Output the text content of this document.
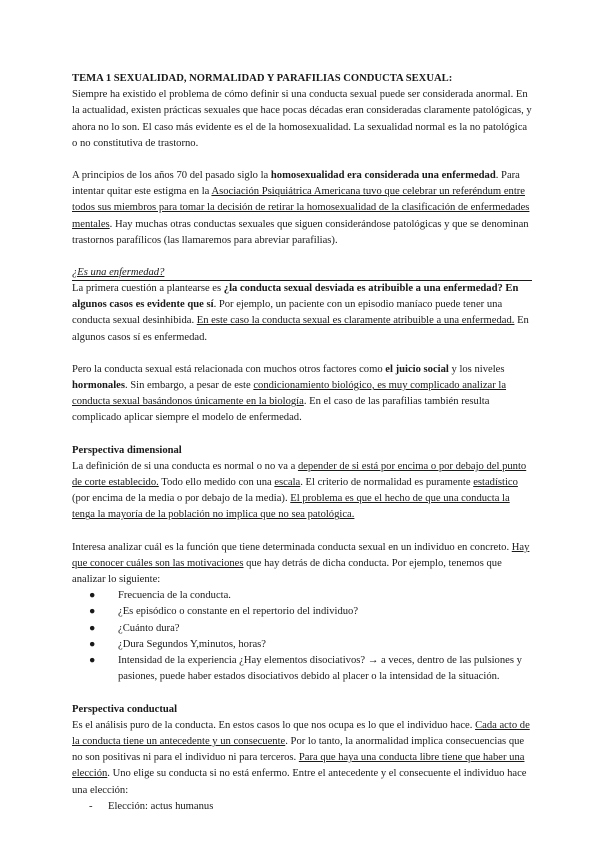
TEMA 1 SEXUALIDAD, NORMALIDAD Y PARAFILIAS CONDUCTA SEXUAL:

Siempre ha existido el problema de cómo definir si una conducta sexual puede ser considerada anormal. En la actualidad, existen prácticas sexuales que hace pocas décadas eran consideradas claramente patológicas, y ahora no lo son. El caso más evidente es el de la homosexualidad. La sexualidad normal es la no patológica o no constitutiva de trastorno.

A principios de los años 70 del pasado siglo la homosexualidad era considerada una enfermedad. Para intentar quitar este estigma en la Asociación Psiquiátrica Americana tuvo que celebrar un referéndum entre todos sus miembros para tomar la decisión de retirar la homosexualidad de la clasificación de enfermedades mentales. Hay muchas otras conductas sexuales que siguen considerándose patológicas y que se denominan trastornos parafílicos (las llamaremos para abreviar parafilias).

¿Es una enfermedad?

La primera cuestión a plantearse es ¿la conducta sexual desviada es atribuible a una enfermedad? En algunos casos es evidente que sí. Por ejemplo, un paciente con un episodio maníaco puede tener una conducta sexual desinhibida. En este caso la conducta sexual es claramente atribuible a una enfermedad. En algunos casos sí es enfermedad.

Pero la conducta sexual está relacionada con muchos otros factores como el juicio social y los niveles hormonales. Sin embargo, a pesar de este condicionamiento biológico, es muy complicado analizar la conducta sexual basándonos únicamente en la biología. En el caso de las parafilias también resulta complicado aplicar siempre el modelo de enfermedad.

Perspectiva dimensional

La definición de si una conducta es normal o no va a depender de si está por encima o por debajo del punto de corte establecido. Todo ello medido con una escala. El criterio de normalidad es puramente estadístico (por encima de la media o por debajo de la media). El problema es que el hecho de que una conducta la tenga la mayoría de la población no implica que no sea patológica.

Interesa analizar cuál es la función que tiene determinada conducta sexual en un individuo en concreto. Hay que conocer cuáles son las motivaciones que hay detrás de dicha conducta. Por ejemplo, tenemos que analizar lo siguiente:

● Frecuencia de la conducta.
● ¿Es episódico o constante en el repertorio del individuo?
● ¿Cuánto dura?
● ¿Dura Segundos Y,minutos, horas?
● Intensidad de la experiencia ¿Hay elementos disociativos? → a veces, dentro de las pulsiones y pasiones, puede haber estados disociativos debido al placer o la intensidad de la situación.
Perspectiva conductual

Es el análisis puro de la conducta. En estos casos lo que nos ocupa es lo que el individuo hace. Cada acto de la conducta tiene un antecedente y un consecuente. Por lo tanto, la anormalidad implica consecuencias que no son positivas ni para el individuo ni para terceros. Para que haya una conducta libre tiene que haber una elección. Uno elige su conducta si no está enfermo. Entre el antecedente y el consecuente el individuo hace una elección:

- Elección: actus humanus
